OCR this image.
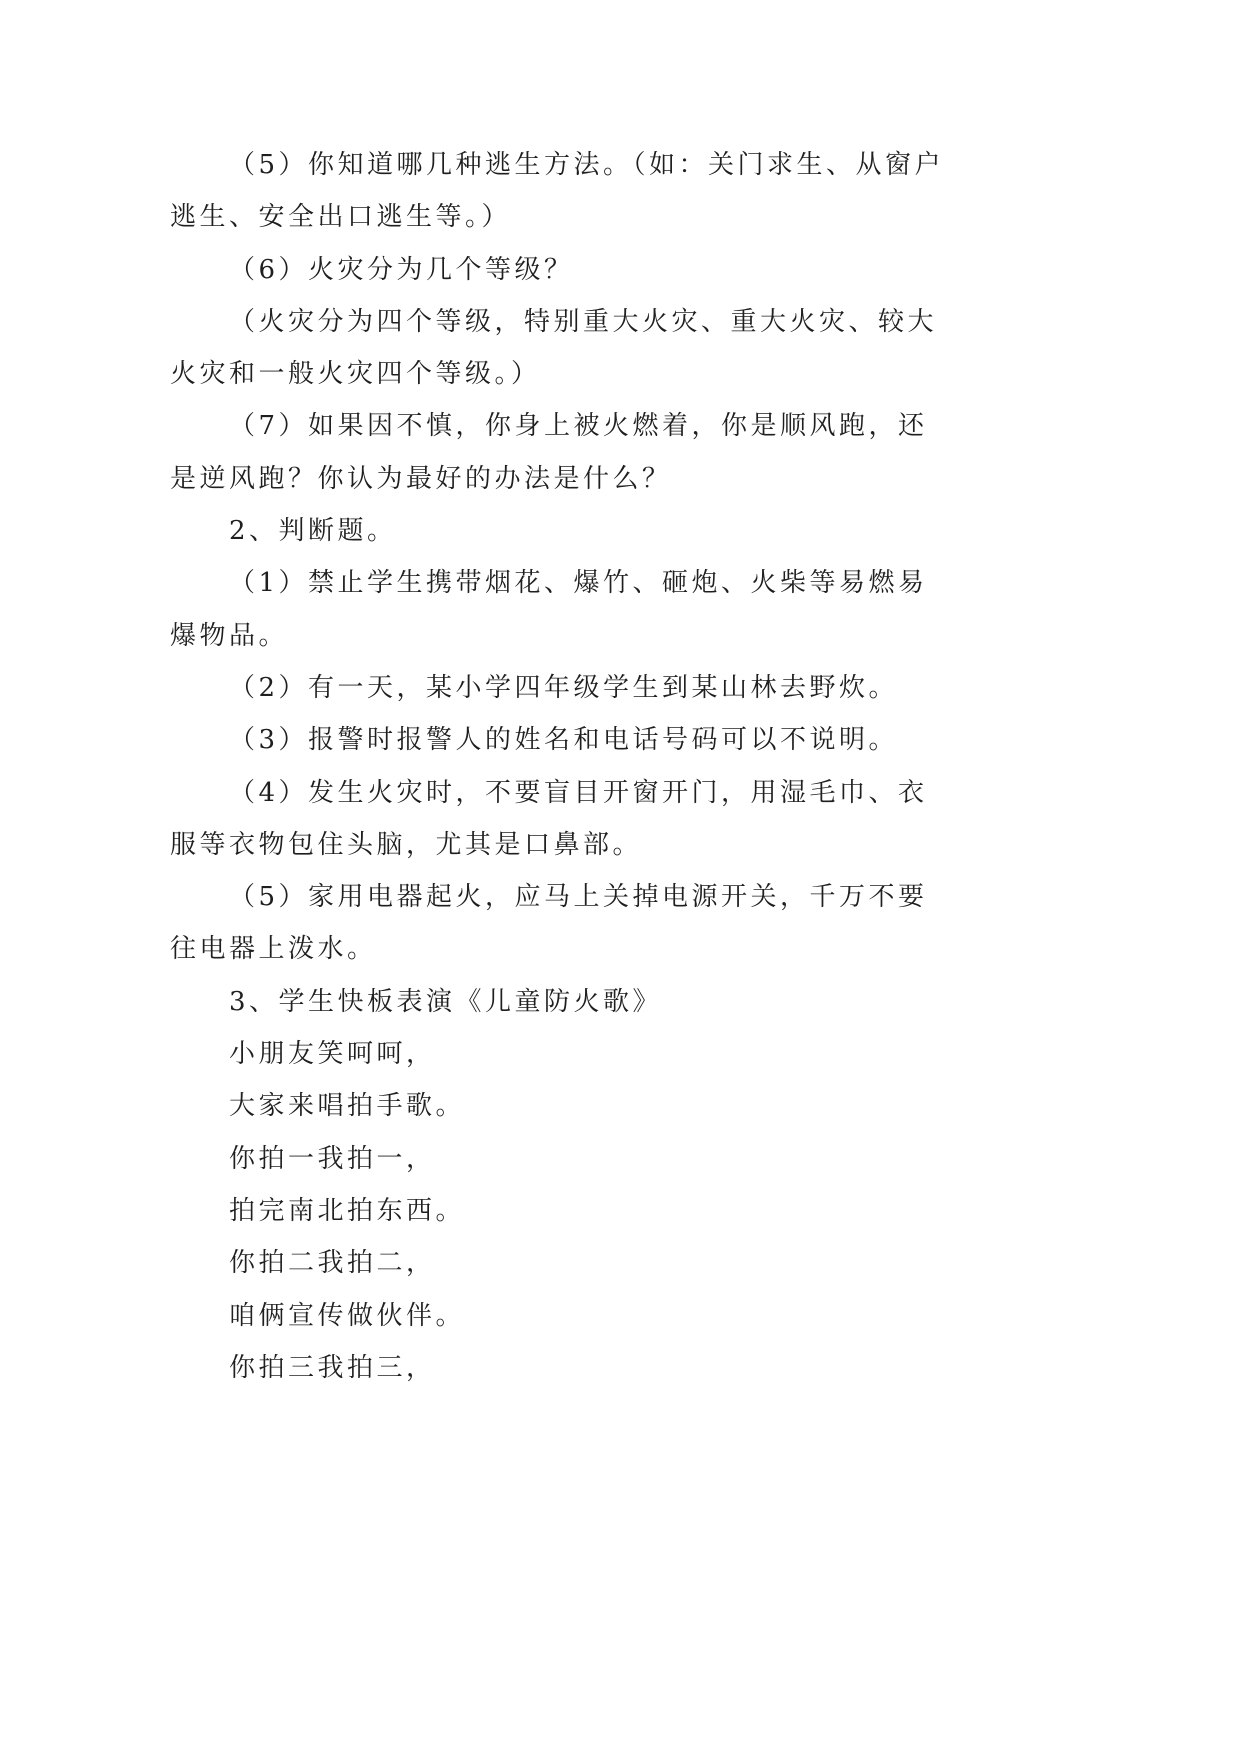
（5）你知道哪几种逃生方法。（如：关门求生、从窗户
逃生、安全出口逃生等。）
（6）火灾分为几个等级？
（火灾分为四个等级，特别重大火灾、重大火灾、较大
火灾和一般火灾四个等级。）
（7）如果因不慎，你身上被火燃着，你是顺风跑，还
是逆风跑？你认为最好的办法是什么？
2、判断题。
（1）禁止学生携带烟花、爆竹、砸炮、火柴等易燃易
爆物品。
（2）有一天，某小学四年级学生到某山林去野炊。
（3）报警时报警人的姓名和电话号码可以不说明。
（4）发生火灾时，不要盲目开窗开门，用湿毛巾、衣
服等衣物包住头脑，尤其是口鼻部。
（5）家用电器起火，应马上关掉电源开关，千万不要
往电器上泼水。
3、学生快板表演《儿童防火歌》
小朋友笑呵呵，
大家来唱拍手歌。
你拍一我拍一，
拍完南北拍东西。
你拍二我拍二，
咱俩宣传做伙伴。
你拍三我拍三，
